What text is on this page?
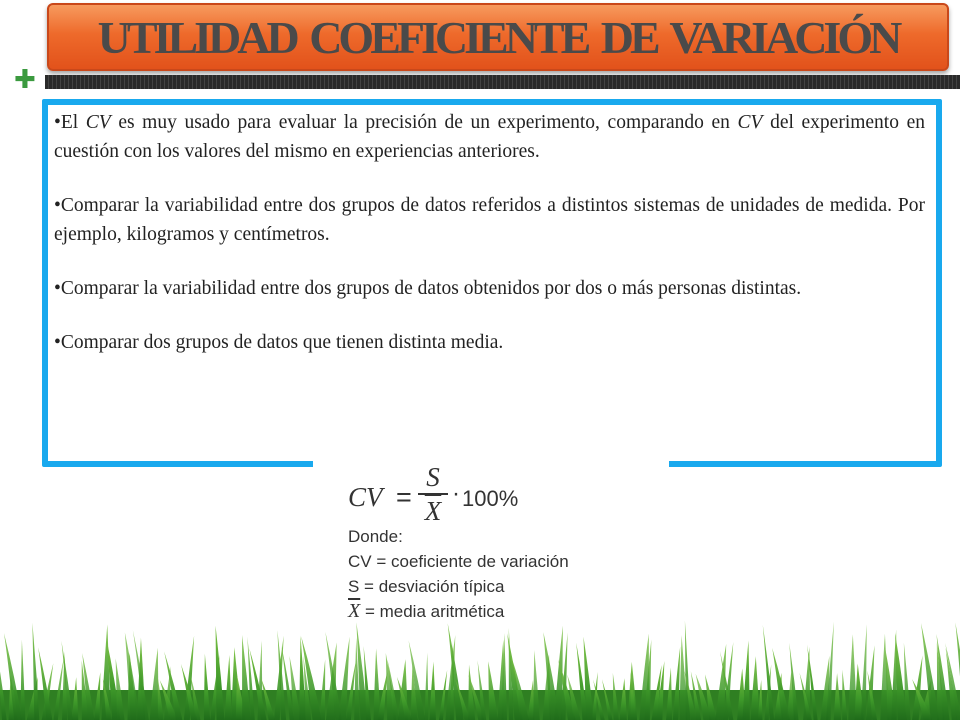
UTILIDAD COEFICIENTE DE VARIACIÓN
✚

•El CV es muy usado para evaluar la precisión de un experimento, comparando en CV del experimento en cuestión con los valores del mismo en experiencias anteriores.

•Comparar la variabilidad entre dos grupos de datos referidos a distintos sistemas de unidades de medida. Por ejemplo, kilogramos y centímetros.

•Comparar la variabilidad entre dos grupos de datos obtenidos por dos o más personas distintas.

•Comparar dos grupos de datos que tienen distinta media.

CV = $\frac{S}{X} \cdot 100\%$
Donde:
CV = coeficiente de variación
S = desviación típica
$\overline{X}$ = media aritmética
